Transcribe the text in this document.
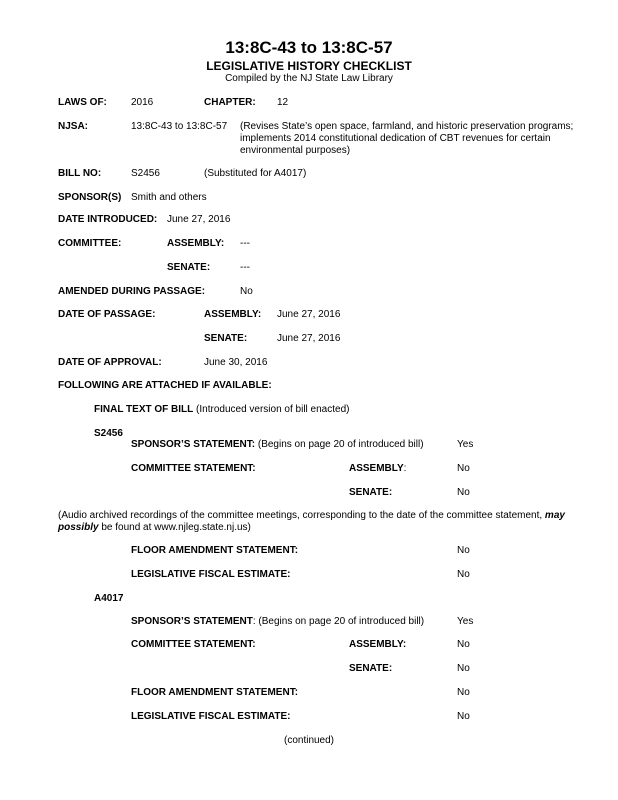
13:8C-43 to 13:8C-57
LEGISLATIVE HISTORY CHECKLIST
Compiled by the NJ State Law Library
LAWS OF: 2016	CHAPTER: 12
NJSA:	13:8C-43 to 13:8C-57 (Revises State’s open space, farmland, and historic preservation programs; implements 2014 constitutional dedication of CBT revenues for certain environmental purposes)
BILL NO:	S2456	(Substituted for A4017)
SPONSOR(S) Smith and others
DATE INTRODUCED: June 27, 2016
COMMITTEE:	ASSEMBLY: ---
SENATE:	---
AMENDED DURING PASSAGE:	No
DATE OF PASSAGE:	ASSEMBLY: June 27, 2016
SENATE:	June 27, 2016
DATE OF APPROVAL:	June 30, 2016
FOLLOWING ARE ATTACHED IF AVAILABLE:
FINAL TEXT OF BILL (Introduced version of bill enacted)
S2456
SPONSOR’S STATEMENT: (Begins on page 20 of introduced bill)	Yes
COMMITTEE STATEMENT:	ASSEMBLY:	No
SENATE:	No
(Audio archived recordings of the committee meetings, corresponding to the date of the committee statement, may possibly be found at www.njleg.state.nj.us)
FLOOR AMENDMENT STATEMENT:	No
LEGISLATIVE FISCAL ESTIMATE:	No
A4017
SPONSOR’S STATEMENT: (Begins on page 20 of introduced bill)	Yes
COMMITTEE STATEMENT:	ASSEMBLY:	No
SENATE:	No
FLOOR AMENDMENT STATEMENT:	No
LEGISLATIVE FISCAL ESTIMATE:	No
(continued)
